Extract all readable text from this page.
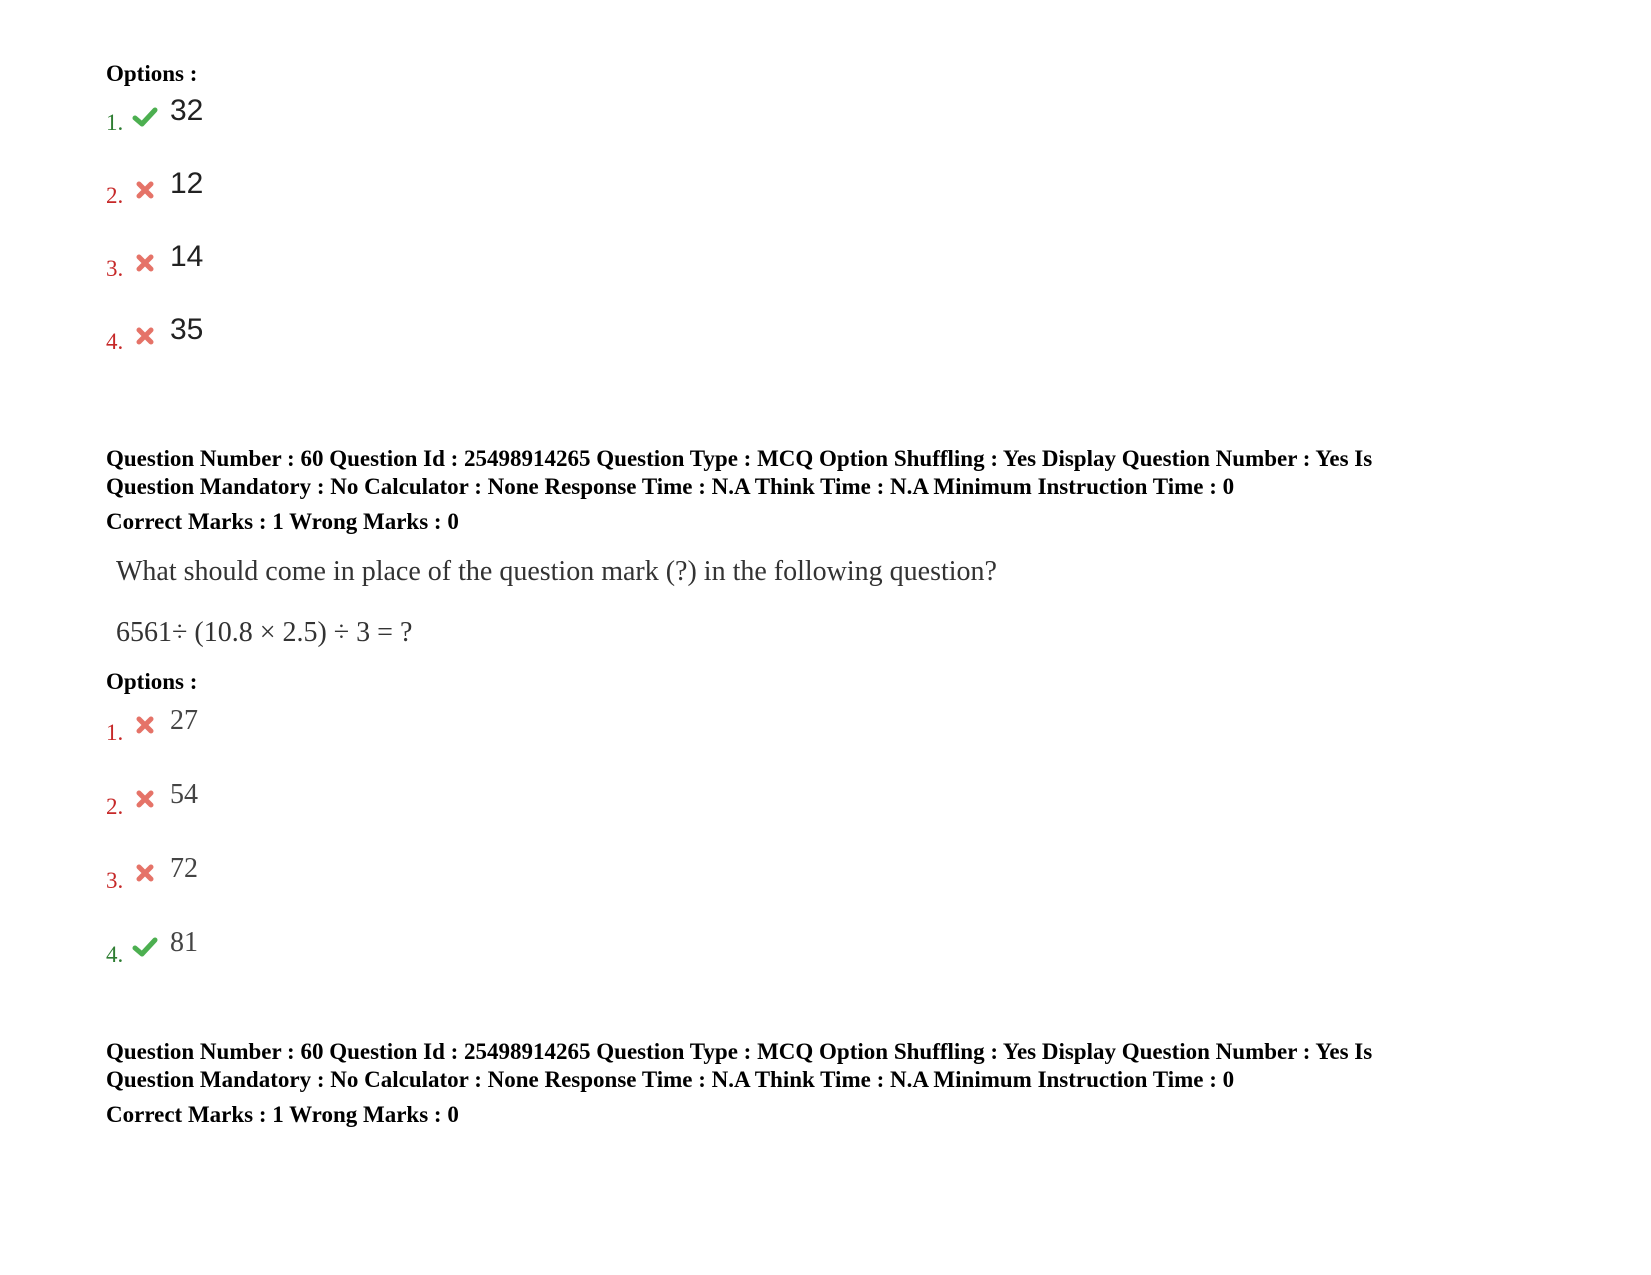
Options :
1. 32
2. 12
3. 14
4. 35
Question Number : 60 Question Id : 25498914265 Question Type : MCQ Option Shuffling : Yes Display Question Number : Yes Is
Question Mandatory : No Calculator : None Response Time : N.A Think Time : N.A Minimum Instruction Time : 0
Correct Marks : 1 Wrong Marks : 0
What should come in place of the question mark (?) in the following question?
6561÷ (10.8 × 2.5) ÷ 3 = ?
Options :
1. 27
2. 54
3. 72
4. 81
Question Number : 60 Question Id : 25498914265 Question Type : MCQ Option Shuffling : Yes Display Question Number : Yes Is
Question Mandatory : No Calculator : None Response Time : N.A Think Time : N.A Minimum Instruction Time : 0
Correct Marks : 1 Wrong Marks : 0
